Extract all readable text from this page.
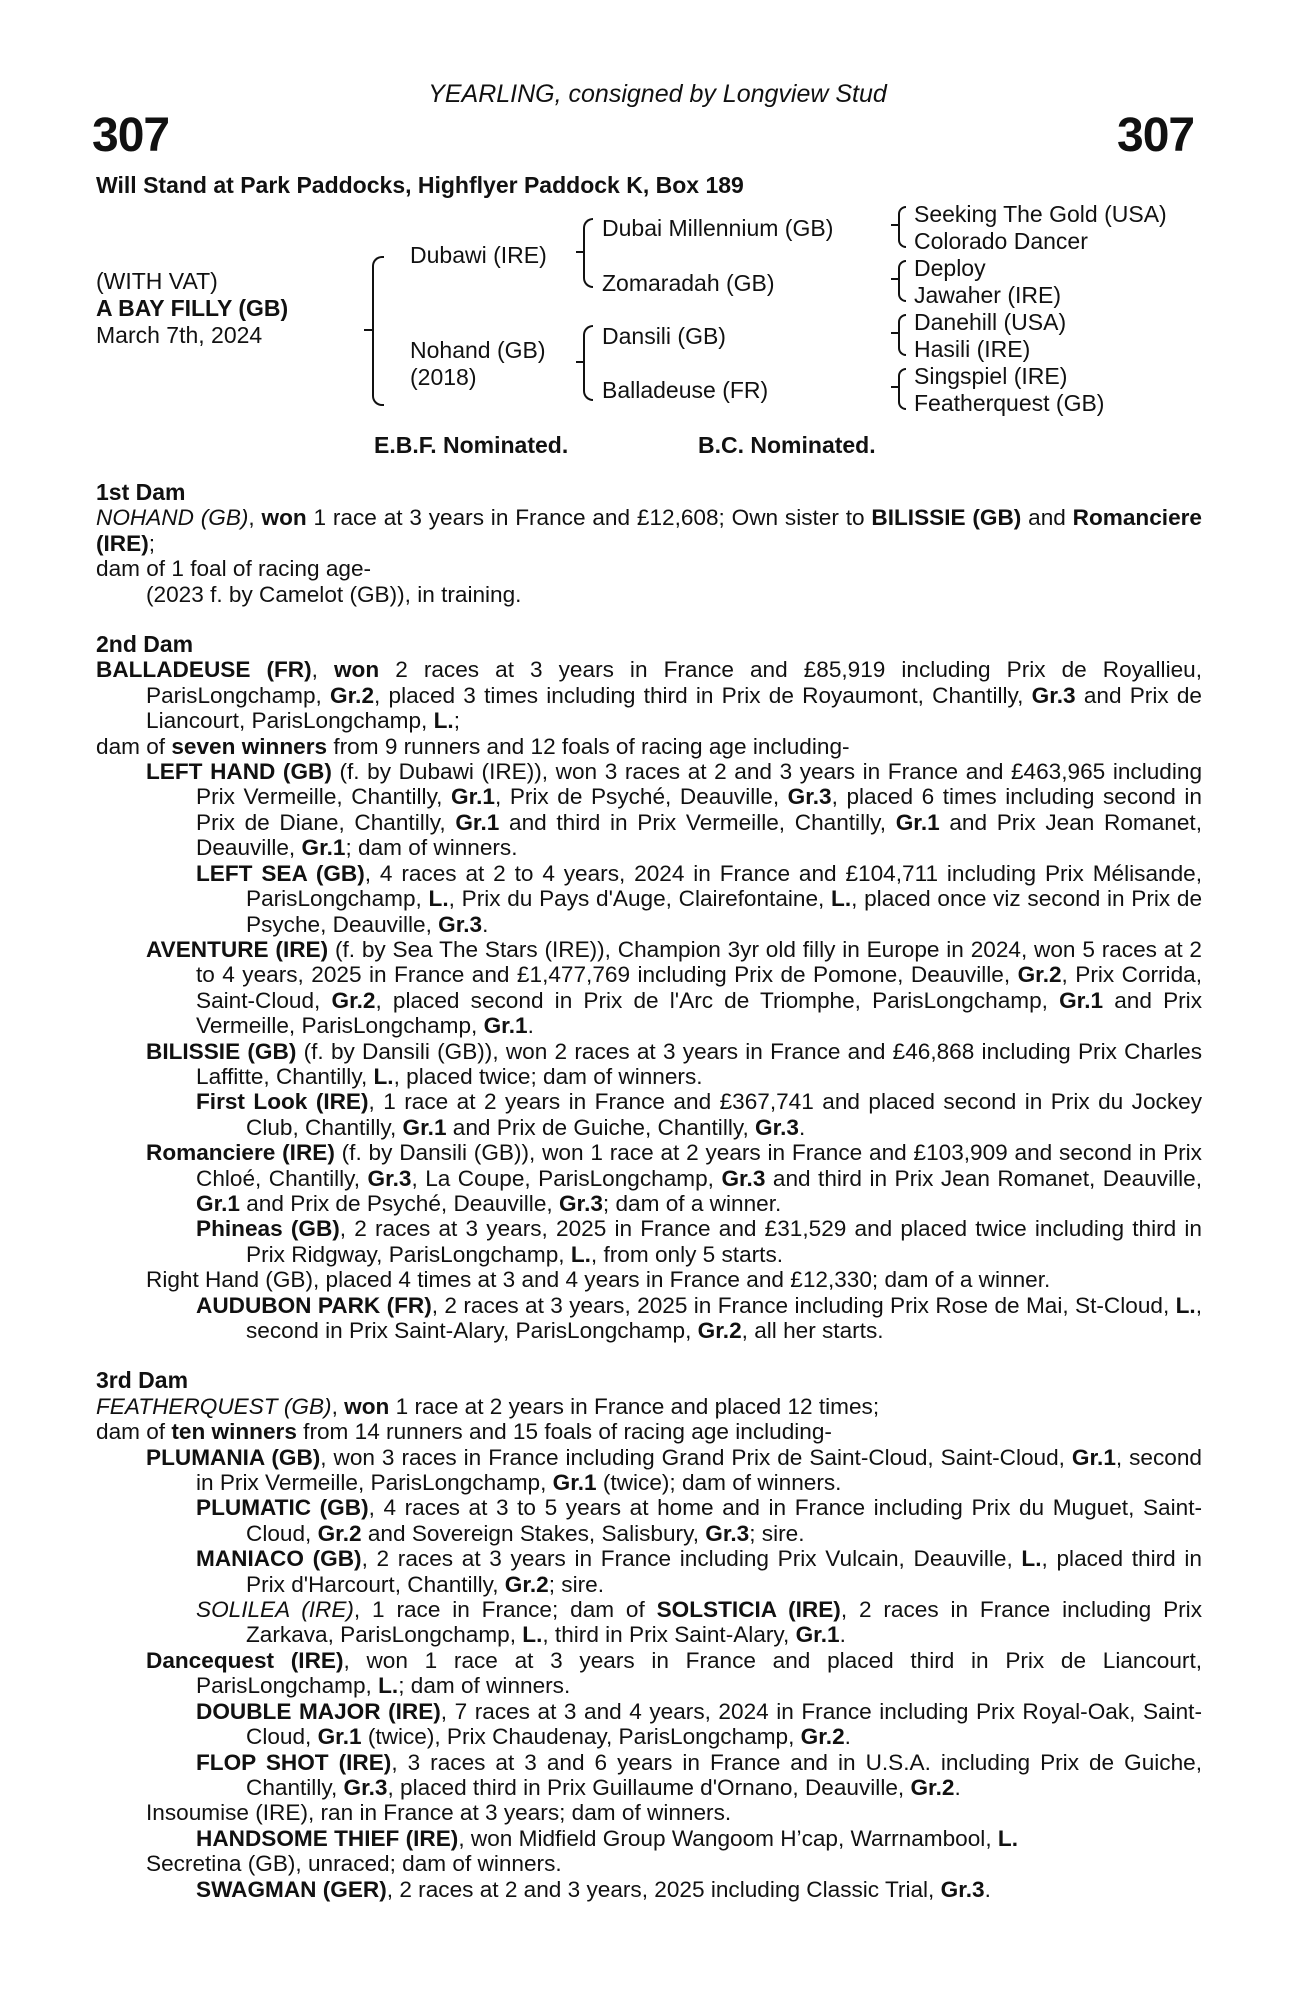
YEARLING, consigned by Longview Stud
307	307
Will Stand at Park Paddocks, Highflyer Paddock K, Box 189
(WITH VAT)
A BAY FILLY (GB)
March 7th, 2024
Dubawi (IRE)
Nohand (GB)
(2018)
Dubai Millennium (GB)
Zomaradah (GB)
Dansili (GB)
Balladeuse (FR)
Seeking The Gold (USA)
Colorado Dancer
Deploy
Jawaher (IRE)
Danehill (USA)
Hasili (IRE)
Singspiel (IRE)
Featherquest (GB)
E.B.F. Nominated.	B.C. Nominated.
1st Dam
NOHAND (GB), won 1 race at 3 years in France and £12,608; Own sister to BILISSIE (GB) and Romanciere (IRE);
dam of 1 foal of racing age-
(2023 f. by Camelot (GB)), in training.
2nd Dam
BALLADEUSE (FR), won 2 races at 3 years in France and £85,919 including Prix de Royallieu, ParisLongchamp, Gr.2, placed 3 times including third in Prix de Royaumont, Chantilly, Gr.3 and Prix de Liancourt, ParisLongchamp, L.;
dam of seven winners from 9 runners and 12 foals of racing age including-
LEFT HAND (GB) (f. by Dubawi (IRE)), won 3 races at 2 and 3 years in France and £463,965 including Prix Vermeille, Chantilly, Gr.1, Prix de Psyché, Deauville, Gr.3, placed 6 times including second in Prix de Diane, Chantilly, Gr.1 and third in Prix Vermeille, Chantilly, Gr.1 and Prix Jean Romanet, Deauville, Gr.1; dam of winners.
LEFT SEA (GB), 4 races at 2 to 4 years, 2024 in France and £104,711 including Prix Mélisande, ParisLongchamp, L., Prix du Pays d'Auge, Clairefontaine, L., placed once viz second in Prix de Psyche, Deauville, Gr.3.
AVENTURE (IRE) (f. by Sea The Stars (IRE)), Champion 3yr old filly in Europe in 2024, won 5 races at 2 to 4 years, 2025 in France and £1,477,769 including Prix de Pomone, Deauville, Gr.2, Prix Corrida, Saint-Cloud, Gr.2, placed second in Prix de l'Arc de Triomphe, ParisLongchamp, Gr.1 and Prix Vermeille, ParisLongchamp, Gr.1.
BILISSIE (GB) (f. by Dansili (GB)), won 2 races at 3 years in France and £46,868 including Prix Charles Laffitte, Chantilly, L., placed twice; dam of winners.
First Look (IRE), 1 race at 2 years in France and £367,741 and placed second in Prix du Jockey Club, Chantilly, Gr.1 and Prix de Guiche, Chantilly, Gr.3.
Romanciere (IRE) (f. by Dansili (GB)), won 1 race at 2 years in France and £103,909 and second in Prix Chloé, Chantilly, Gr.3, La Coupe, ParisLongchamp, Gr.3 and third in Prix Jean Romanet, Deauville, Gr.1 and Prix de Psyché, Deauville, Gr.3; dam of a winner.
Phineas (GB), 2 races at 3 years, 2025 in France and £31,529 and placed twice including third in Prix Ridgway, ParisLongchamp, L., from only 5 starts.
Right Hand (GB), placed 4 times at 3 and 4 years in France and £12,330; dam of a winner.
AUDUBON PARK (FR), 2 races at 3 years, 2025 in France including Prix Rose de Mai, St-Cloud, L., second in Prix Saint-Alary, ParisLongchamp, Gr.2, all her starts.
3rd Dam
FEATHERQUEST (GB), won 1 race at 2 years in France and placed 12 times;
dam of ten winners from 14 runners and 15 foals of racing age including-
PLUMANIA (GB), won 3 races in France including Grand Prix de Saint-Cloud, Saint-Cloud, Gr.1, second in Prix Vermeille, ParisLongchamp, Gr.1 (twice); dam of winners.
PLUMATIC (GB), 4 races at 3 to 5 years at home and in France including Prix du Muguet, Saint-Cloud, Gr.2 and Sovereign Stakes, Salisbury, Gr.3; sire.
MANIACO (GB), 2 races at 3 years in France including Prix Vulcain, Deauville, L., placed third in Prix d'Harcourt, Chantilly, Gr.2; sire.
SOLILEA (IRE), 1 race in France; dam of SOLSTICIA (IRE), 2 races in France including Prix Zarkava, ParisLongchamp, L., third in Prix Saint-Alary, Gr.1.
Dancequest (IRE), won 1 race at 3 years in France and placed third in Prix de Liancourt, ParisLongchamp, L.; dam of winners.
DOUBLE MAJOR (IRE), 7 races at 3 and 4 years, 2024 in France including Prix Royal-Oak, Saint-Cloud, Gr.1 (twice), Prix Chaudenay, ParisLongchamp, Gr.2.
FLOP SHOT (IRE), 3 races at 3 and 6 years in France and in U.S.A. including Prix de Guiche, Chantilly, Gr.3, placed third in Prix Guillaume d'Ornano, Deauville, Gr.2.
Insoumise (IRE), ran in France at 3 years; dam of winners.
HANDSOME THIEF (IRE), won Midfield Group Wangoom H’cap, Warrnambool, L.
Secretina (GB), unraced; dam of winners.
SWAGMAN (GER), 2 races at 2 and 3 years, 2025 including Classic Trial, Gr.3.
